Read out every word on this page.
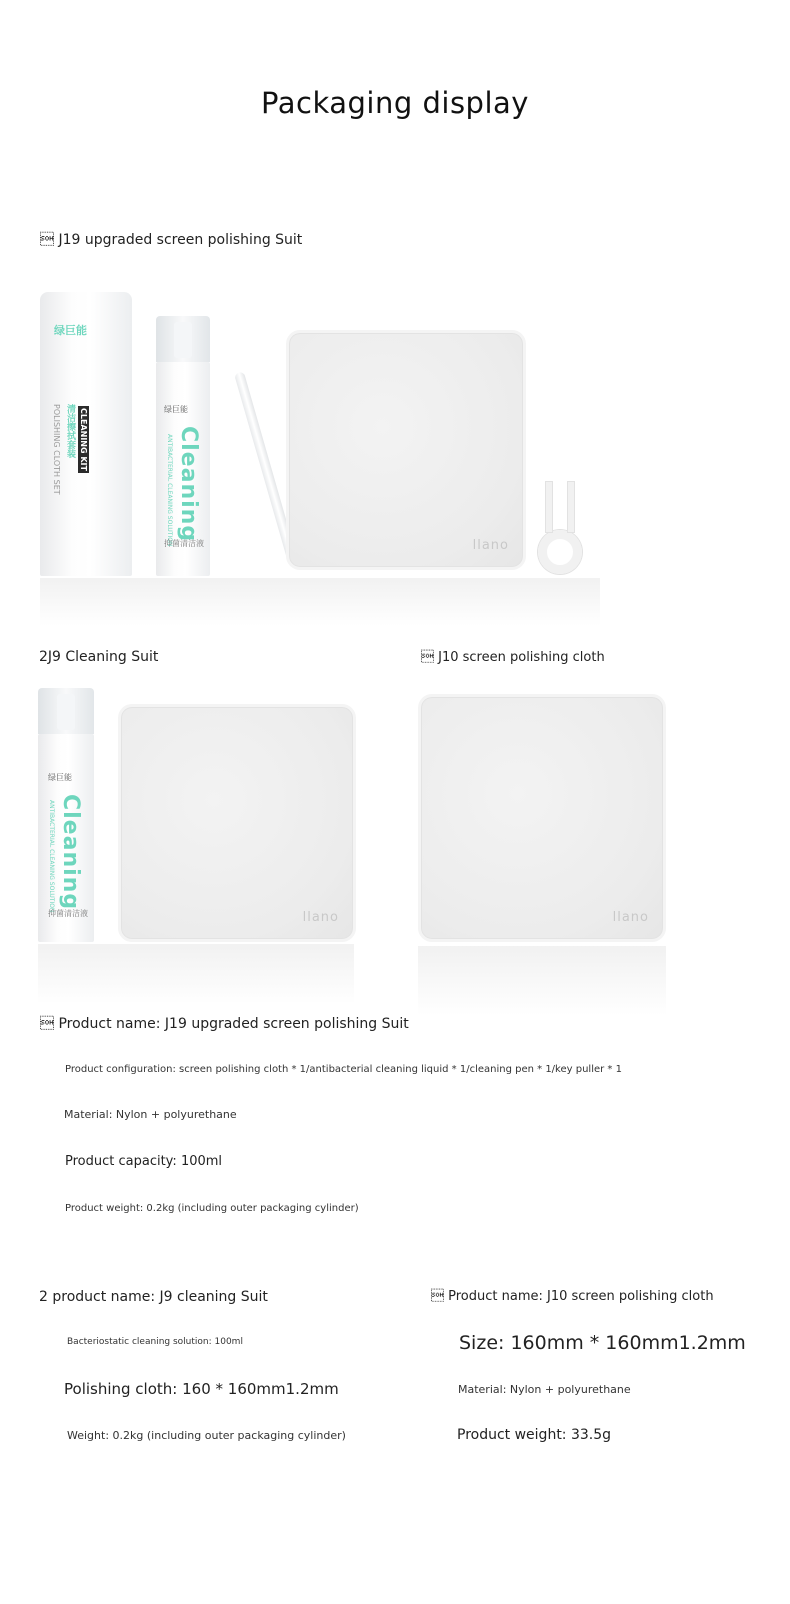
Packaging display
 J19 upgraded screen polishing Suit
绿巨能
CLEANING KIT
清洁擦拭套装
POLISHING CLOTH SET	绿巨能
Cleaning
ANTIBACTERIAL CLEANING SOLUTION
抑菌清洁液	llano
2J9 Cleaning Suit	 J10 screen polishing cloth
绿巨能
Cleaning
ANTIBACTERIAL CLEANING SOLUTION
抑菌清洁液	llano	llano
 Product name: J19 upgraded screen polishing Suit
Product configuration: screen polishing cloth * 1/antibacterial cleaning liquid * 1/cleaning pen * 1/key puller * 1
Material: Nylon + polyurethane
Product capacity: 100ml
Product weight: 0.2kg (including outer packaging cylinder)
2 product name: J9 cleaning Suit
Bacteriostatic cleaning solution: 100ml
Polishing cloth: 160 * 160mm1.2mm
Weight: 0.2kg (including outer packaging cylinder)
 Product name: J10 screen polishing cloth
Size: 160mm * 160mm1.2mm
Material: Nylon + polyurethane
Product weight: 33.5g
